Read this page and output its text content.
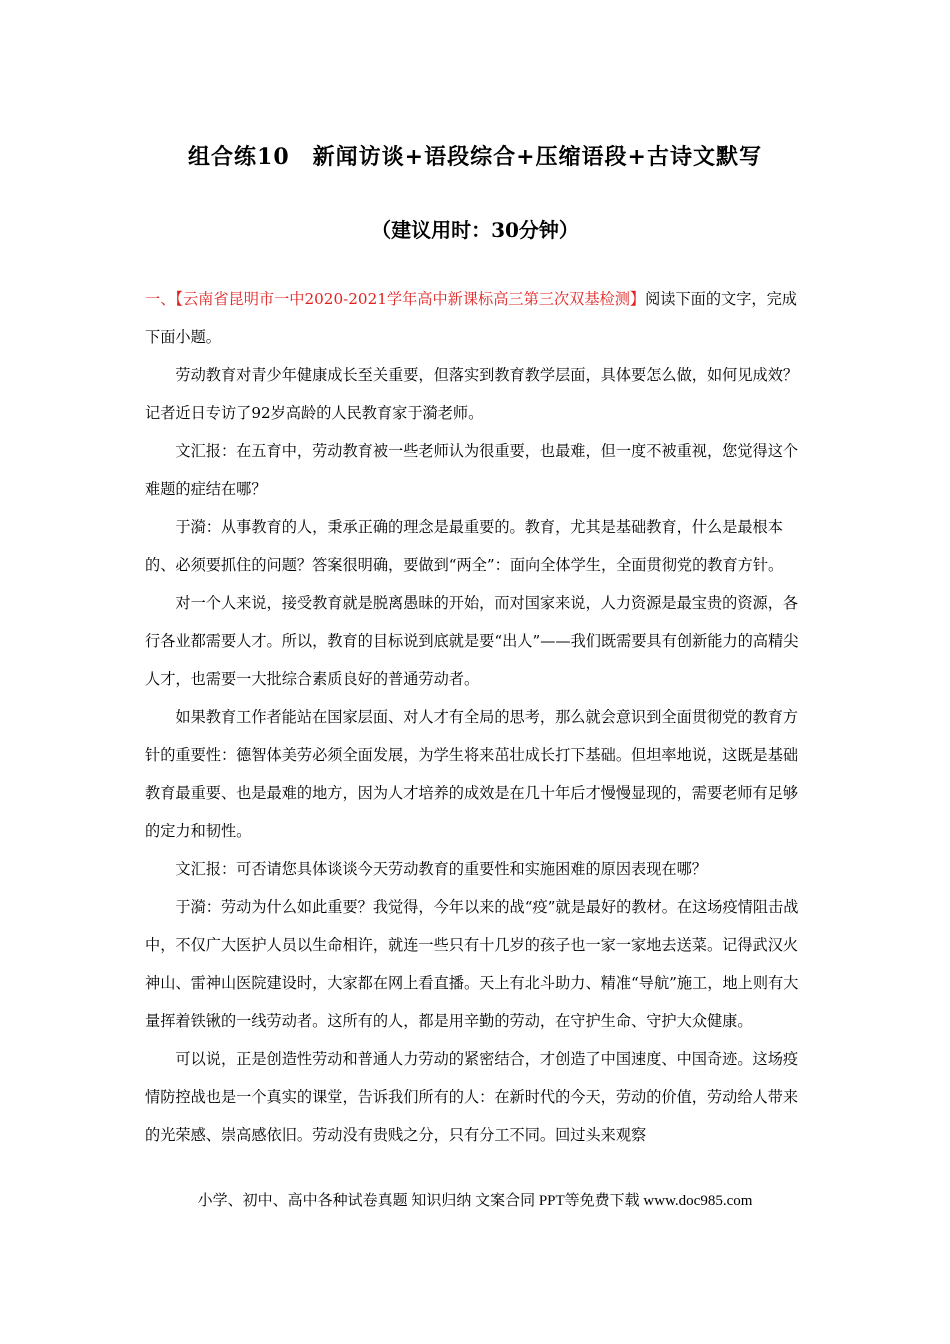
组合练10　新闻访谈+语段综合+压缩语段+古诗文默写
（建议用时：30分钟）

一、【云南省昆明市一中2020-2021学年高中新课标高三第三次双基检测】阅读下面的文字，完成下面小题。

劳动教育对青少年健康成长至关重要，但落实到教育教学层面，具体要怎么做，如何见成效？记者近日专访了92岁高龄的人民教育家于漪老师。

文汇报：在五育中，劳动教育被一些老师认为很重要，也最难，但一度不被重视，您觉得这个难题的症结在哪？

于漪：从事教育的人，秉承正确的理念是最重要的。教育，尤其是基础教育，什么是最根本的、必须要抓住的问题？答案很明确，要做到“两全”：面向全体学生，全面贯彻党的教育方针。

对一个人来说，接受教育就是脱离愚昧的开始，而对国家来说，人力资源是最宝贵的资源，各行各业都需要人才。所以，教育的目标说到底就是要“出人”——我们既需要具有创新能力的高精尖人才，也需要一大批综合素质良好的普通劳动者。

如果教育工作者能站在国家层面、对人才有全局的思考，那么就会意识到全面贯彻党的教育方针的重要性：德智体美劳必须全面发展，为学生将来茁壮成长打下基础。但坦率地说，这既是基础教育最重要、也是最难的地方，因为人才培养的成效是在几十年后才慢慢显现的，需要老师有足够的定力和韧性。

文汇报：可否请您具体谈谈今天劳动教育的重要性和实施困难的原因表现在哪？

于漪：劳动为什么如此重要？我觉得，今年以来的战“疫”就是最好的教材。在这场疫情阻击战中，不仅广大医护人员以生命相许，就连一些只有十几岁的孩子也一家一家地去送菜。记得武汉火神山、雷神山医院建设时，大家都在网上看直播。天上有北斗助力、精准“导航”施工，地上则有大量挥着铁锹的一线劳动者。这所有的人，都是用辛勤的劳动，在守护生命、守护大众健康。

可以说，正是创造性劳动和普通人力劳动的紧密结合，才创造了中国速度、中国奇迹。这场疫情防控战也是一个真实的课堂，告诉我们所有的人：在新时代的今天，劳动的价值，劳动给人带来的光荣感、崇高感依旧。劳动没有贵贱之分，只有分工不同。回过头来观察

小学、初中、高中各种试卷真题 知识归纳 文案合同 PPT等免费下载 www.doc985.com
